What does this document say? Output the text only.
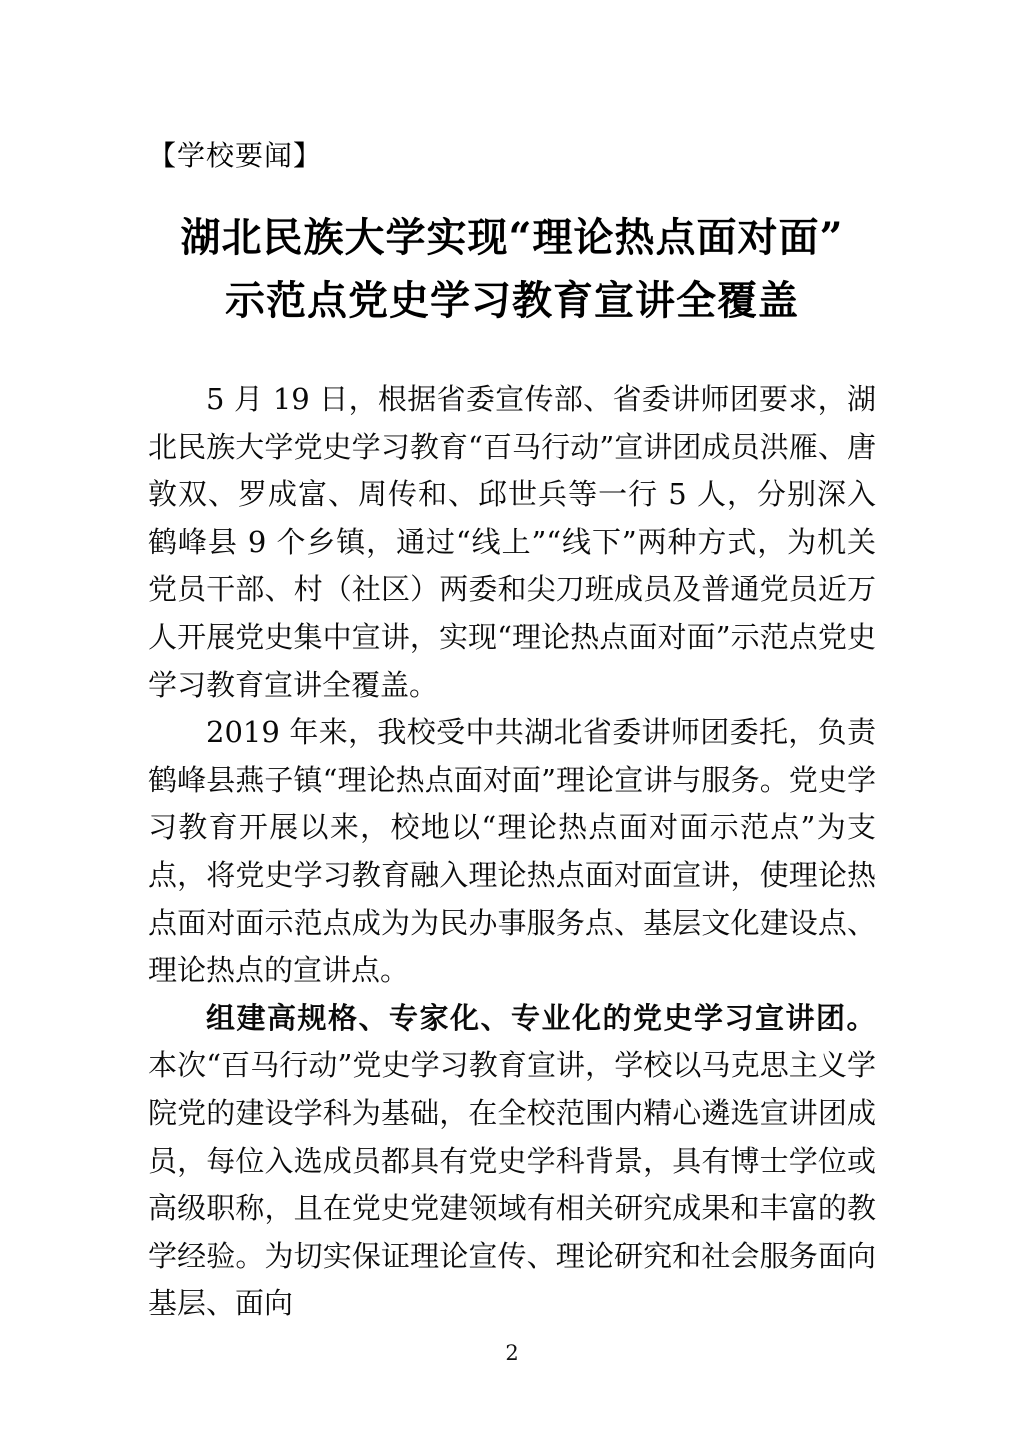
【学校要闻】
湖北民族大学实现“理论热点面对面”
示范点党史学习教育宣讲全覆盖

5 月 19 日，根据省委宣传部、省委讲师团要求，湖北民族大学党史学习教育“百马行动”宣讲团成员洪雁、唐敦双、罗成富、周传和、邱世兵等一行 5 人，分别深入鹤峰县 9 个乡镇，通过“线上”“线下”两种方式，为机关党员干部、村（社区）两委和尖刀班成员及普通党员近万人开展党史集中宣讲，实现“理论热点面对面”示范点党史学习教育宣讲全覆盖。

2019 年来，我校受中共湖北省委讲师团委托，负责鹤峰县燕子镇“理论热点面对面”理论宣讲与服务。党史学习教育开展以来，校地以“理论热点面对面示范点”为支点，将党史学习教育融入理论热点面对面宣讲，使理论热点面对面示范点成为为民办事服务点、基层文化建设点、理论热点的宣讲点。

组建高规格、专家化、专业化的党史学习宣讲团。本次“百马行动”党史学习教育宣讲，学校以马克思主义学院党的建设学科为基础，在全校范围内精心遴选宣讲团成员，每位入选成员都具有党史学科背景，具有博士学位或高级职称，且在党史党建领域有相关研究成果和丰富的教学经验。为切实保证理论宣传、理论研究和社会服务面向基层、面向

2
